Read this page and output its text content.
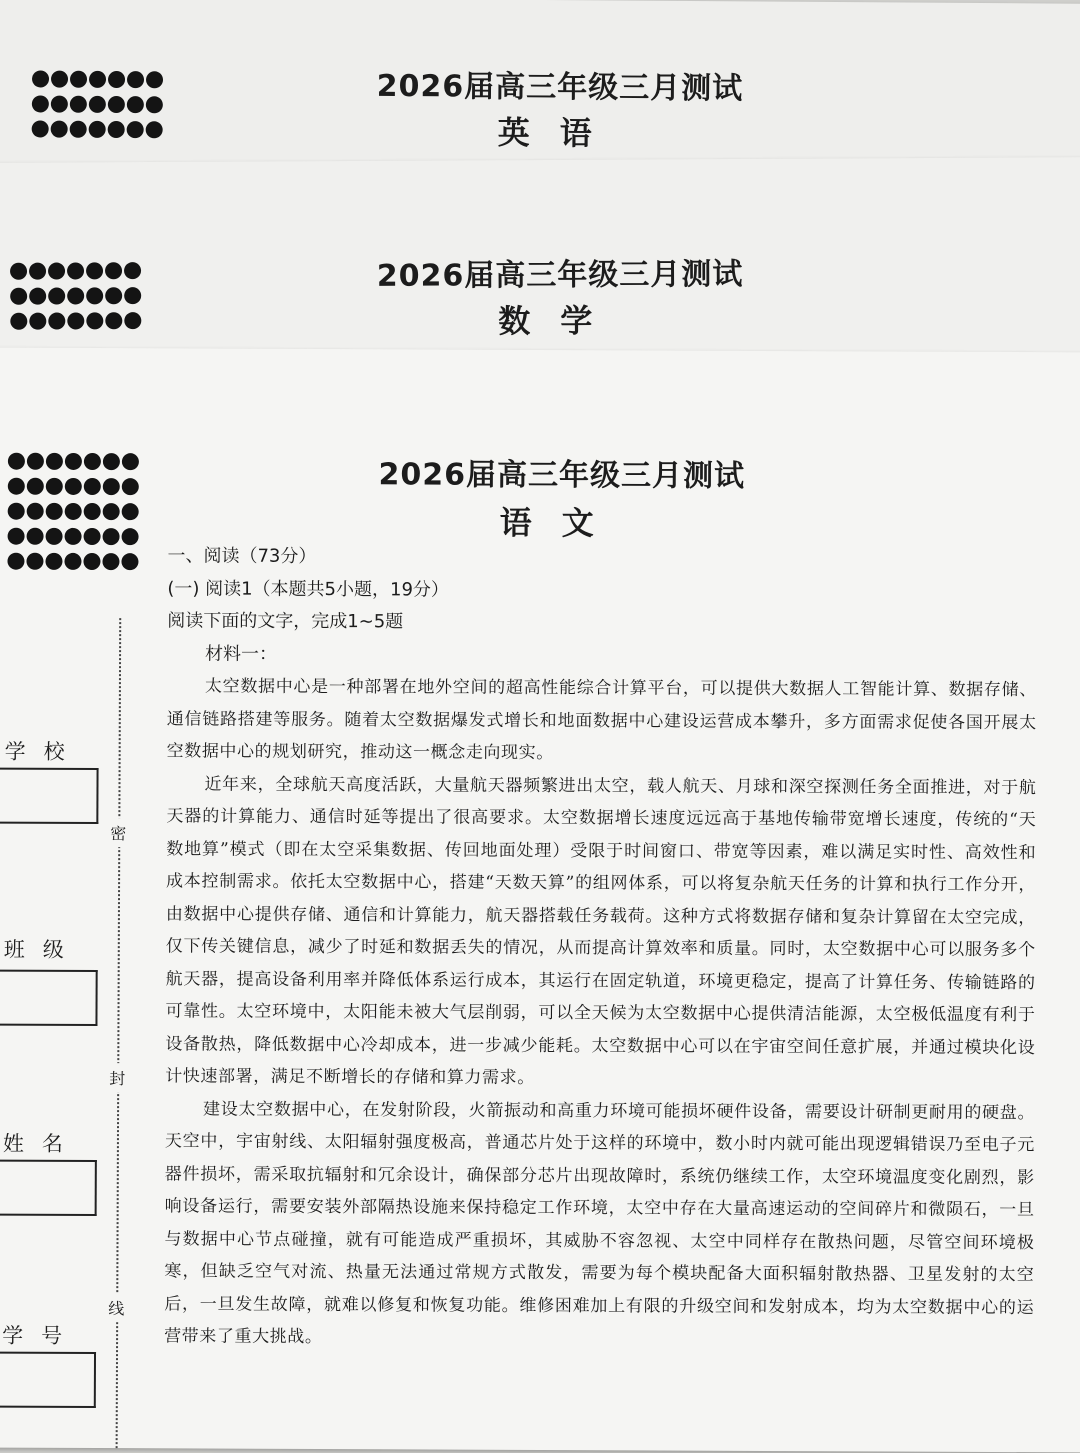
2026届高三年级三月测试
英语
2026届高三年级三月测试
数学
2026届高三年级三月测试
语文
学校
班级
姓名
学号
密
封
线

一、阅读（73分）

(一) 阅读1（本题共5小题，19分）

阅读下面的文字，完成1~5题

材料一：

太空数据中心是一种部署在地外空间的超高性能综合计算平台，可以提供大数据人工智能计算、数据存储、通信链路搭建等服务。随着太空数据爆发式增长和地面数据中心建设运营成本攀升，多方面需求促使各国开展太空数据中心的规划研究，推动这一概念走向现实。

近年来，全球航天高度活跃，大量航天器频繁进出太空，载人航天、月球和深空探测任务全面推进，对于航天器的计算能力、通信时延等提出了很高要求。太空数据增长速度远远高于基地传输带宽增长速度，传统的“天数地算”模式（即在太空采集数据、传回地面处理）受限于时间窗口、带宽等因素，难以满足实时性、高效性和成本控制需求。依托太空数据中心，搭建“天数天算”的组网体系，可以将复杂航天任务的计算和执行工作分开，由数据中心提供存储、通信和计算能力，航天器搭载任务载荷。这种方式将数据存储和复杂计算留在太空完成，仅下传关键信息，减少了时延和数据丢失的情况，从而提高计算效率和质量。同时，太空数据中心可以服务多个航天器，提高设备利用率并降低体系运行成本，其运行在固定轨道，环境更稳定，提高了计算任务、传输链路的可靠性。太空环境中，太阳能未被大气层削弱，可以全天候为太空数据中心提供清洁能源，太空极低温度有利于设备散热，降低数据中心冷却成本，进一步减少能耗。太空数据中心可以在宇宙空间任意扩展，并通过模块化设计快速部署，满足不断增长的存储和算力需求。

建设太空数据中心，在发射阶段，火箭振动和高重力环境可能损坏硬件设备，需要设计研制更耐用的硬盘。天空中，宇宙射线、太阳辐射强度极高，普通芯片处于这样的环境中，数小时内就可能出现逻辑错误乃至电子元器件损坏，需采取抗辐射和冗余设计，确保部分芯片出现故障时，系统仍继续工作，太空环境温度变化剧烈，影响设备运行，需要安装外部隔热设施来保持稳定工作环境，太空中存在大量高速运动的空间碎片和微陨石，一旦与数据中心节点碰撞，就有可能造成严重损坏，其威胁不容忽视、太空中同样存在散热问题，尽管空间环境极寒，但缺乏空气对流、热量无法通过常规方式散发，需要为每个模块配备大面积辐射散热器、卫星发射的太空后，一旦发生故障，就难以修复和恢复功能。维修困难加上有限的升级空间和发射成本，均为太空数据中心的运营带来了重大挑战。
